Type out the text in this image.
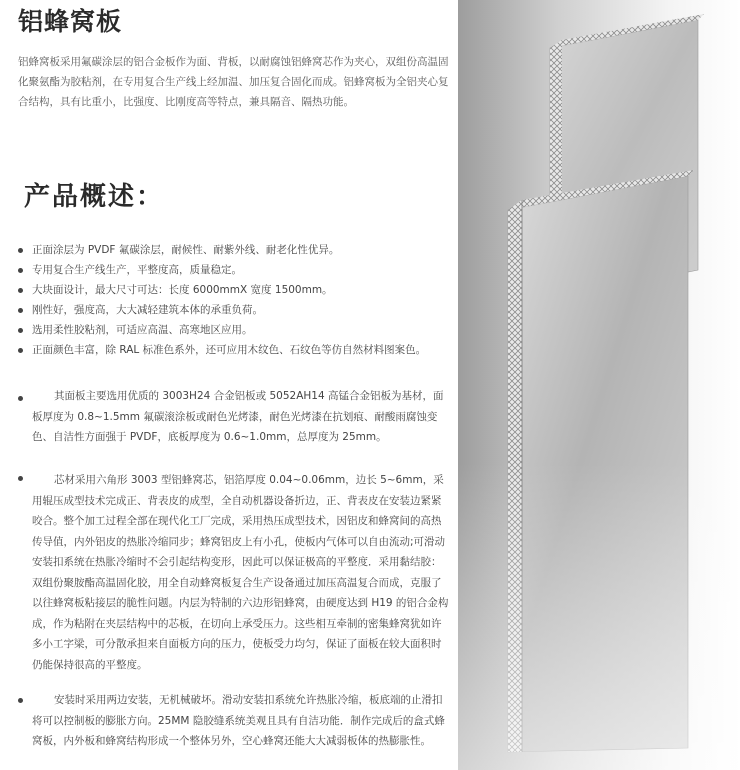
铝蜂窝板
铝蜂窝板采用氟碳涂层的铝合金板作为面、背板，以耐腐蚀铝蜂窝芯作为夹心，双组份高温固化聚氨酯为胶粘剂，在专用复合生产线上经加温、加压复合固化而成。铝蜂窝板为全铝夹心复合结构，具有比重小，比强度、比刚度高等特点，兼具隔音、隔热功能。
产品概述：
正面涂层为 PVDF 氟碳涂层，耐候性、耐紫外线、耐老化性优异。
专用复合生产线生产，平整度高，质量稳定。
大块面设计，最大尺寸可达：长度 6000mmX 宽度 1500mm。
刚性好，强度高，大大减轻建筑本体的承重负荷。
选用柔性胶粘剂，可适应高温、高寒地区应用。
正面颜色丰富，除 RAL 标准色系外，还可应用木纹色、石纹色等仿自然材料图案色。
其面板主要选用优质的 3003H24 合金铝板或 5052AH14 高锰合金铝板为基材，面板厚度为 0.8~1.5mm 氟碳滚涂板或耐色光烤漆，耐色光烤漆在抗划痕、耐酸雨腐蚀变色、自洁性方面强于 PVDF，底板厚度为 0.6~1.0mm，总厚度为 25mm。
芯材采用六角形 3003 型铝蜂窝芯，铝箔厚度 0.04~0.06mm，边长 5~6mm，采用辊压成型技术完成正、背表皮的成型，全自动机器设备折边，正、背表皮在安装边紧紧咬合。整个加工过程全部在现代化工厂完成，采用热压成型技术，因铝皮和蜂窝间的高热传导值，内外铝皮的热胀冷缩同步；蜂窝铝皮上有小孔，使板内气体可以自由流动;可滑动安装扣系统在热胀冷缩时不会引起结构变形，因此可以保证极高的平整度．采用黏结胶：双组份聚胺酯高温固化胶，用全自动蜂窝板复合生产设备通过加压高温复合而成，克服了以往蜂窝板粘接层的脆性问题。内层为特制的六边形铝蜂窝，由硬度达到 H19 的铝合金构成，作为粘附在夹层结构中的芯板，在切向上承受压力。这些相互牵制的密集蜂窝犹如许多小工字梁，可分散承担来自面板方向的压力，使板受力均匀，保证了面板在较大面积时仍能保持很高的平整度。
安装时采用两边安装，无机械破坏。滑动安装扣系统允许热胀冷缩，板底端的止滑扣将可以控制板的膨胀方向。25MM 隐胶缝系统美观且具有自洁功能．制作完成后的盒式蜂窝板，内外板和蜂窝结构形成一个整体另外，空心蜂窝还能大大减弱板体的热膨胀性。
